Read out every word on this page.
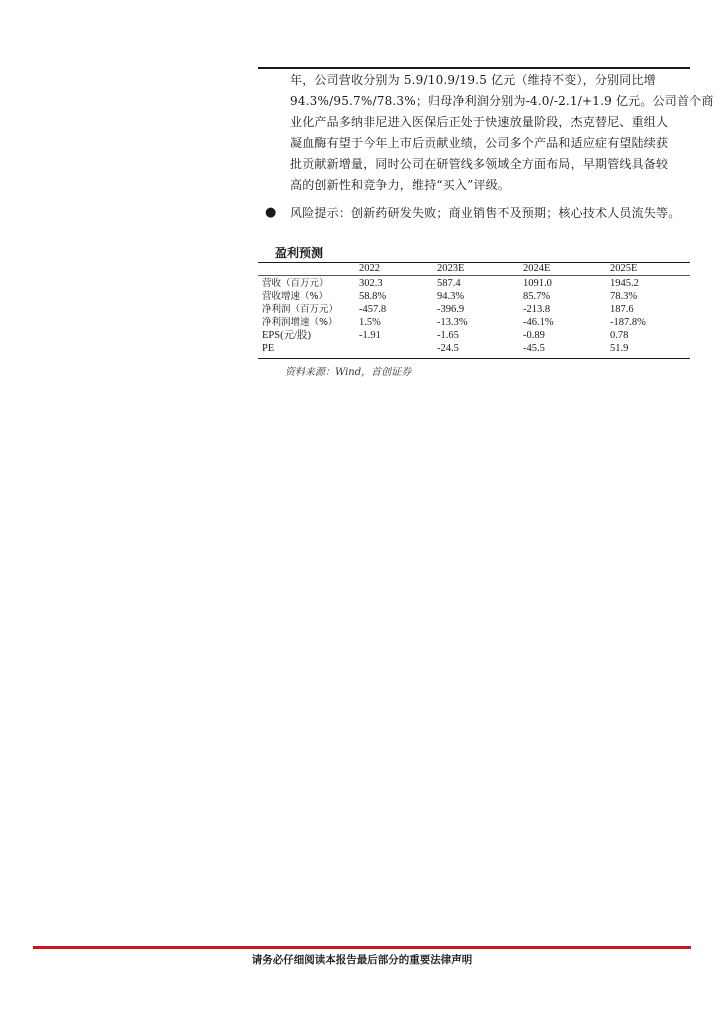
年，公司营收分别为 5.9/10.9/19.5 亿元（维持不变），分别同比增
94.3%/95.7%/78.3%；归母净利润分别为-4.0/-2.1/+1.9 亿元。公司首个商
业化产品多纳非尼进入医保后正处于快速放量阶段，杰克替尼、重组人
凝血酶有望于今年上市后贡献业绩，公司多个产品和适应症有望陆续获
批贡献新增量，同时公司在研管线多领域全方面布局，早期管线具备较
高的创新性和竞争力，维持“买入”评级。

● 风险提示：创新药研发失败；商业销售不及预期；核心技术人员流失等。
盈利预测
	2022	2023E	2024E	2025E
营收（百万元）	302.3	587.4	1091.0	1945.2
营收增速（%）	58.8%	94.3%	85.7%	78.3%
净利润（百万元）	-457.8	-396.9	-213.8	187.6
净利润增速（%）	1.5%	-13.3%	-46.1%	-187.8%
EPS(元/股)	-1.91	-1.65	-0.89	0.78
PE		-24.5	-45.5	51.9
资料来源：Wind，首创证券
请务必仔细阅读本报告最后部分的重要法律声明
